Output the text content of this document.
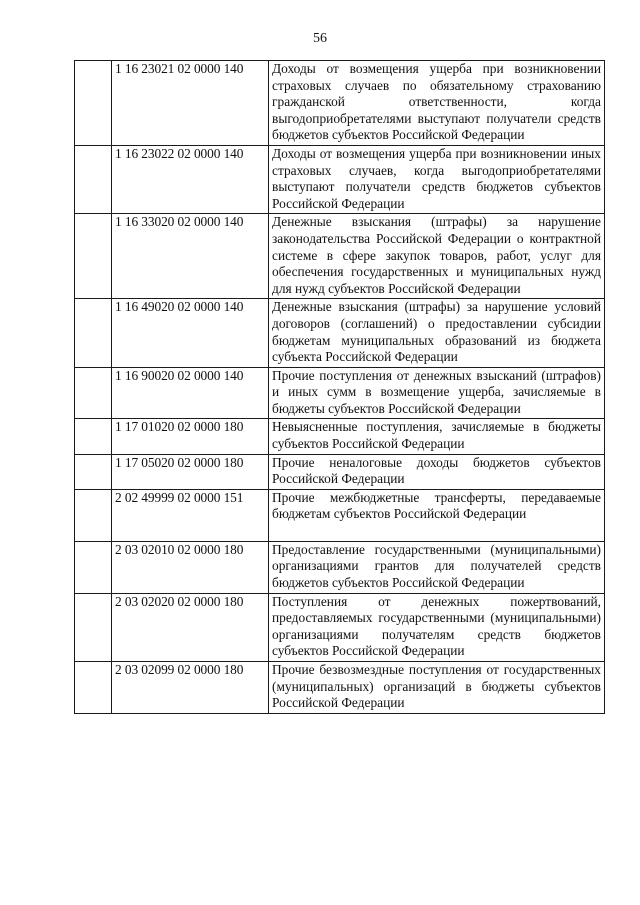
56
	1 16 23021 02 0000 140	Доходы от возмещения ущерба при возникновении страховых случаев по обязательному страхованию гражданской ответственности, когда выгодоприобретателями выступают получатели средств бюджетов субъектов Российской Федерации
	1 16 23022 02 0000 140	Доходы от возмещения ущерба при возникновении иных страховых случаев, когда выгодоприобретателями выступают получатели средств бюджетов субъектов Российской Федерации
	1 16 33020 02 0000 140	Денежные взыскания (штрафы) за нарушение законодательства Российской Федерации о контрактной системе в сфере закупок товаров, работ, услуг для обеспечения государственных и муниципальных нужд для нужд субъектов Российской Федерации
	1 16 49020 02 0000 140	Денежные взыскания (штрафы) за нарушение условий договоров (соглашений) о предоставлении субсидии бюджетам муниципальных образований из бюджета субъекта Российской Федерации
	1 16 90020 02 0000 140	Прочие поступления от денежных взысканий (штрафов) и иных сумм в возмещение ущерба, зачисляемые в бюджеты субъектов Российской Федерации
	1 17 01020 02 0000 180	Невыясненные поступления, зачисляемые в бюджеты субъектов Российской Федерации
	1 17 05020 02 0000 180	Прочие неналоговые доходы бюджетов субъектов Российской Федерации
	2 02 49999 02 0000 151	Прочие межбюджетные трансферты, передаваемые бюджетам субъектов Российской Федерации
	2 03 02010 02 0000 180	Предоставление государственными (муниципальными) организациями грантов для получателей средств бюджетов субъектов Российской Федерации
	2 03 02020 02 0000 180	Поступления от денежных пожертвований, предоставляемых государственными (муниципальными) организациями получателям средств бюджетов субъектов Российской Федерации
	2 03 02099 02 0000 180	Прочие безвозмездные поступления от государственных (муниципальных) организаций в бюджеты субъектов Российской Федерации
